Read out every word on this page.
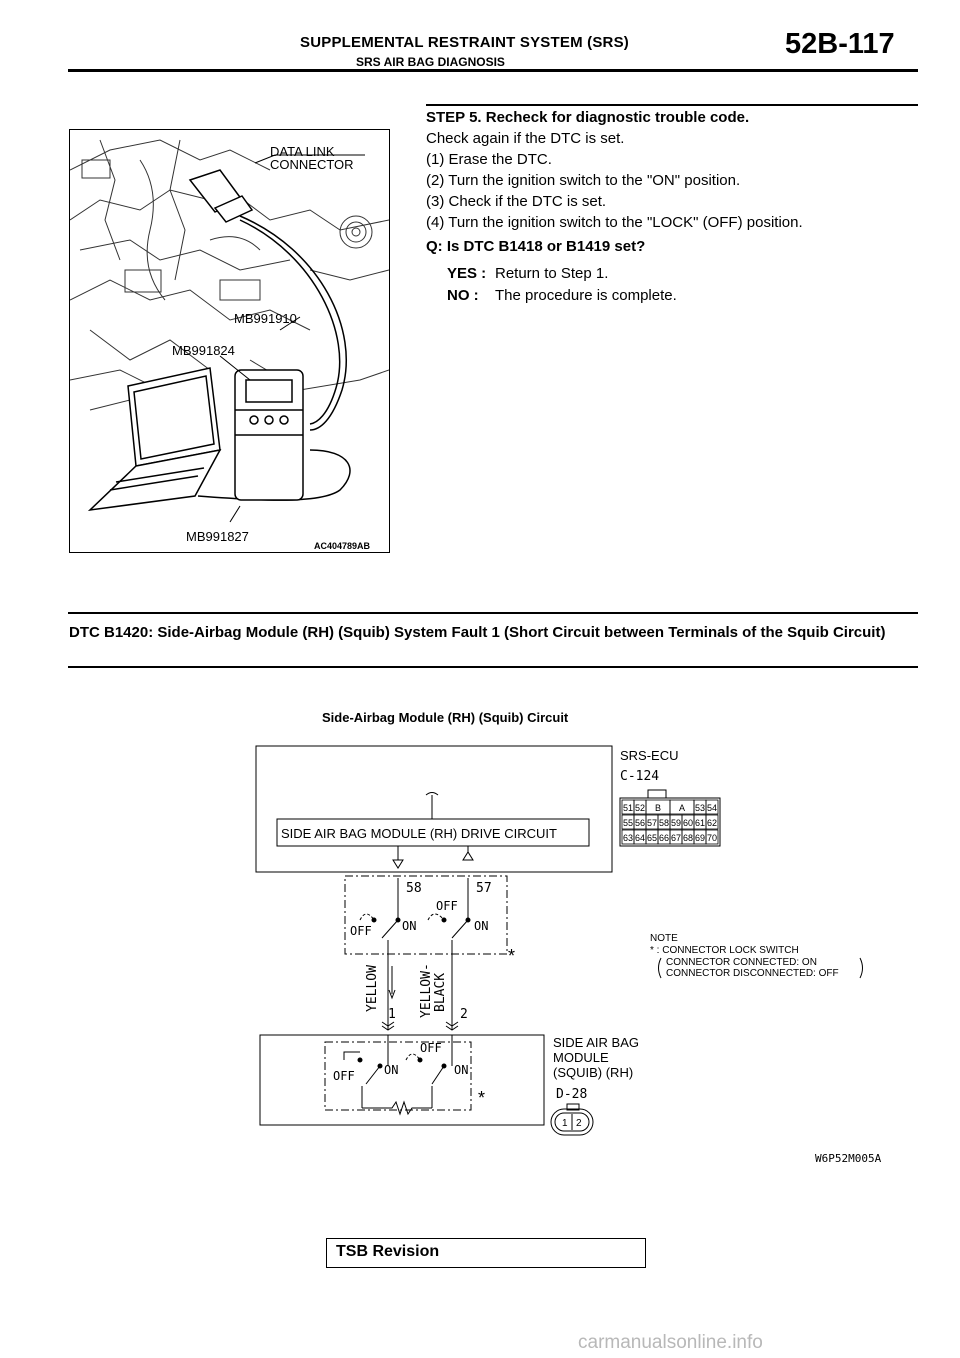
SUPPLEMENTAL RESTRAINT SYSTEM (SRS)
SRS AIR BAG DIAGNOSIS
52B-117
DATA LINK
CONNECTOR
MB991910
MB991824
MB991827
AC404789AB
STEP 5. Recheck for diagnostic trouble code.
Check again if the DTC is set.
(1) Erase the DTC.
(2) Turn the ignition switch to the "ON" position.
(3) Check if the DTC is set.
(4) Turn the ignition switch to the "LOCK" (OFF) position.
Q: Is DTC B1418 or B1419 set?
YES : Return to Step 1.
NO : The procedure is complete.
DTC B1420: Side-Airbag Module (RH) (Squib) System Fault 1 (Short Circuit between Terminals of the Squib Circuit)
Side-Airbag Module (RH) (Squib) Circuit
SIDE AIR BAG MODULE (RH) DRIVE CIRCUIT
SRS-ECU
C-124
51 52 B A 53 54
55 56 57 58 59 60 61 62
63 64 65 66 67 68 69 70
58	57
OFF	ON
OFF
ON
*
YELLOW	YELLOW- BLACK
1	2
NOTE
* : CONNECTOR LOCK SWITCH
CONNECTOR CONNECTED: ON
CONNECTOR DISCONNECTED: OFF
OFF ON
OFF
ON
*
SIDE AIR BAG
MODULE
(SQUIB) (RH)
D-28
1 2
W6P52M005A
TSB Revision
carmanualsonline.info
